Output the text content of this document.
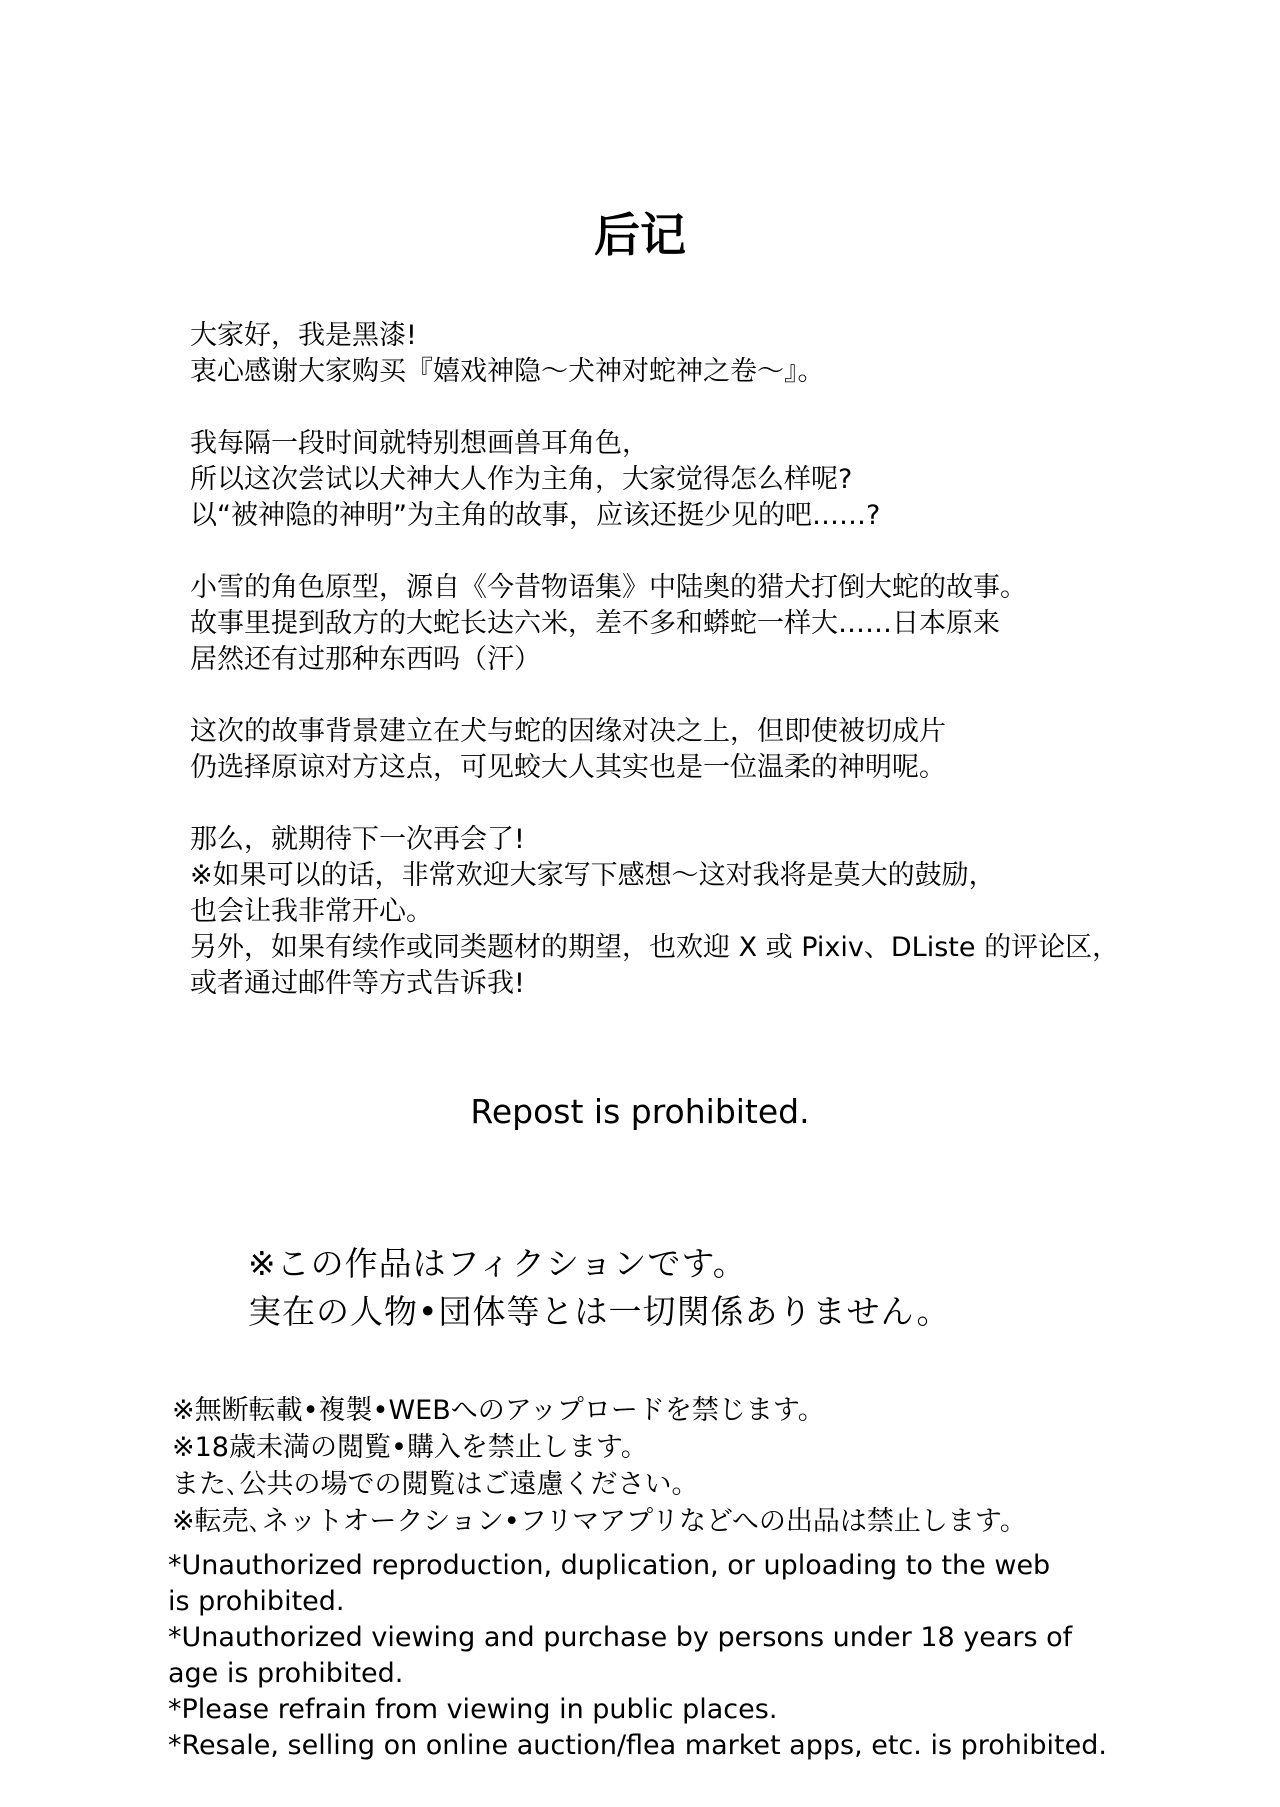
后记
大家好，我是黑漆!
衷心感谢大家购买『嬉戏神隐～犬神对蛇神之卷～』。
我每隔一段时间就特别想画兽耳角色，
所以这次尝试以犬神大人作为主角，大家觉得怎么样呢?
以“被神隐的神明”为主角的故事，应该还挺少见的吧……?
小雪的角色原型，源自《今昔物语集》中陆奥的猎犬打倒大蛇的故事。
故事里提到敌方的大蛇长达六米，差不多和蟒蛇一样大……日本原来
居然还有过那种东西吗（汗）
这次的故事背景建立在犬与蛇的因缘对决之上，但即使被切成片
仍选择原谅对方这点，可见蛟大人其实也是一位温柔的神明呢。
那么，就期待下一次再会了!
※如果可以的话，非常欢迎大家写下感想～这对我将是莫大的鼓励，
也会让我非常开心。
另外，如果有续作或同类题材的期望，也欢迎 X 或 Pixiv、DListe 的评论区，
或者通过邮件等方式告诉我!
Repost is prohibited.
※この作品はフィクションです。
実在の人物•団体等とは一切関係ありません。
※無断転載•複製•WEBへのアップロードを禁じます。
※18歳未満の閲覧•購入を禁止します。
また､公共の場での閲覧はご遠慮ください。
※転売､ネットオークション•フリマアプリなどへの出品は禁止します。
*Unauthorized reproduction, duplication, or uploading to the web
is prohibited.
*Unauthorized viewing and purchase by persons under 18 years of
age is prohibited.
*Please refrain from viewing in public places.
*Resale, selling on online auction/flea market apps, etc. is prohibited.
